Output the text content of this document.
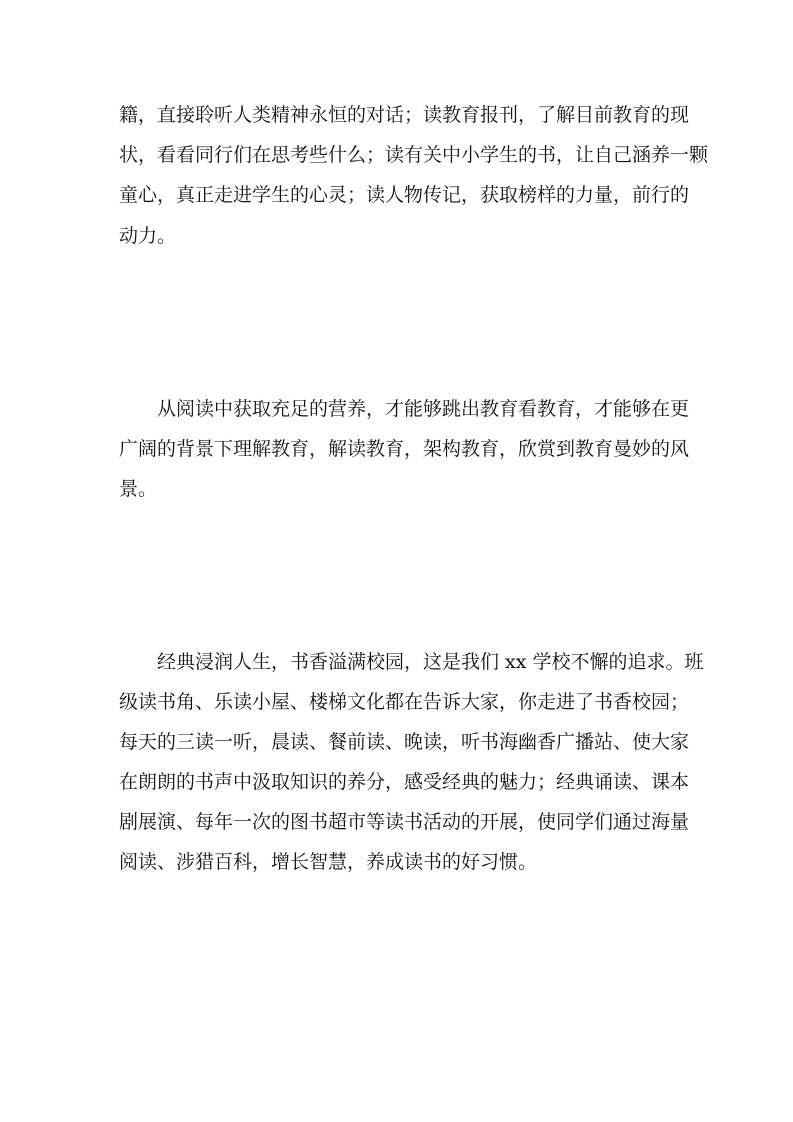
籍，直接聆听人类精神永恒的对话；读教育报刊，了解目前教育的现
状，看看同行们在思考些什么；读有关中小学生的书，让自己涵养一颗
童心，真正走进学生的心灵；读人物传记，获取榜样的力量，前行的
动力。
从阅读中获取充足的营养，才能够跳出教育看教育，才能够在更
广阔的背景下理解教育，解读教育，架构教育，欣赏到教育曼妙的风
景。
经典浸润人生，书香溢满校园，这是我们 xx 学校不懈的追求。班
级读书角、乐读小屋、楼梯文化都在告诉大家，你走进了书香校园；
每天的三读一听，晨读、餐前读、晚读，听书海幽香广播站、使大家
在朗朗的书声中汲取知识的养分，感受经典的魅力；经典诵读、课本
剧展演、每年一次的图书超市等读书活动的开展，使同学们通过海量
阅读、涉猎百科，增长智慧，养成读书的好习惯。
